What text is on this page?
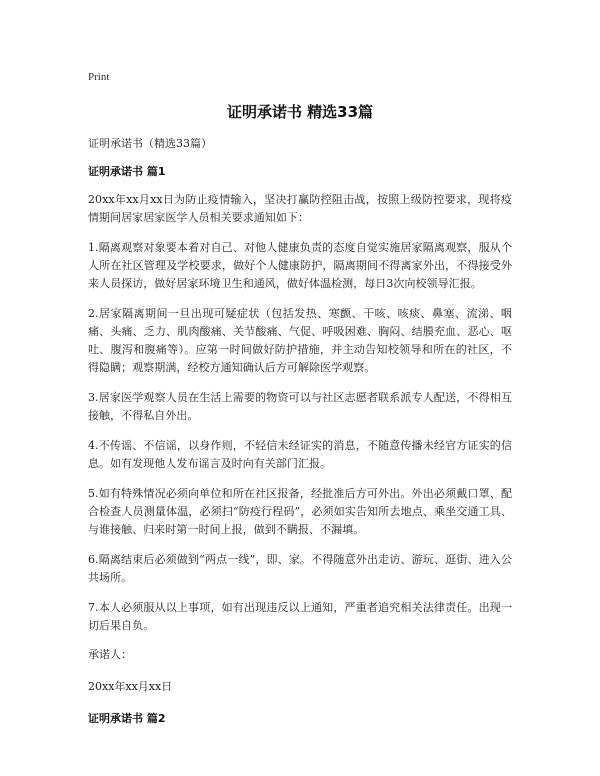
Print
证明承诺书 精选33篇

证明承诺书（精选33篇）

证明承诺书 篇1

20xx年xx月xx日为防止疫情输入，坚决打赢防控阻击战，按照上级防控要求，现将疫情期间居家居家医学人员相关要求通知如下：

1.隔离观察对象要本着对自己、对他人健康负责的态度自觉实施居家隔离观察，服从个人所在社区管理及学校要求，做好个人健康防护，隔离期间不得离家外出，不得接受外来人员探访，做好居家环境卫生和通风，做好体温检测，每日3次向校领导汇报。

2.居家隔离期间一旦出现可疑症状（包括发热、寒颤、干咳、咳痰、鼻塞、流涕、咽痛、头痛、乏力、肌肉酸痛、关节酸痛、气促、呼吸困难、胸闷、结膜充血、恶心、呕吐、腹泻和腹痛等）。应第一时间做好防护措施，并主动告知校领导和所在的社区，不得隐瞒；观察期满，经校方通知确认后方可解除医学观察。

3.居家医学观察人员在生活上需要的物资可以与社区志愿者联系派专人配送，不得相互接触，不得私自外出。

4.不传谣、不信谣，以身作则，不轻信未经证实的消息，不随意传播未经官方证实的信息。如有发现他人发布谣言及时向有关部门汇报。

5.如有特殊情况必须向单位和所在社区报备，经批准后方可外出。外出必须戴口罩、配合检查人员测量体温，必须扫“防疫行程码”，必须如实告知所去地点、乘坐交通工具、与谁接触、归来时第一时间上报，做到不瞒报、不漏填。

6.隔离结束后必须做到“两点一线”，即、家。不得随意外出走访、游玩、逛街、进入公共场所。

7.本人必须服从以上事项，如有出现违反以上通知，严重者追究相关法律责任。出现一切后果自负。

承诺人：

20xx年xx月xx日

证明承诺书 篇2
